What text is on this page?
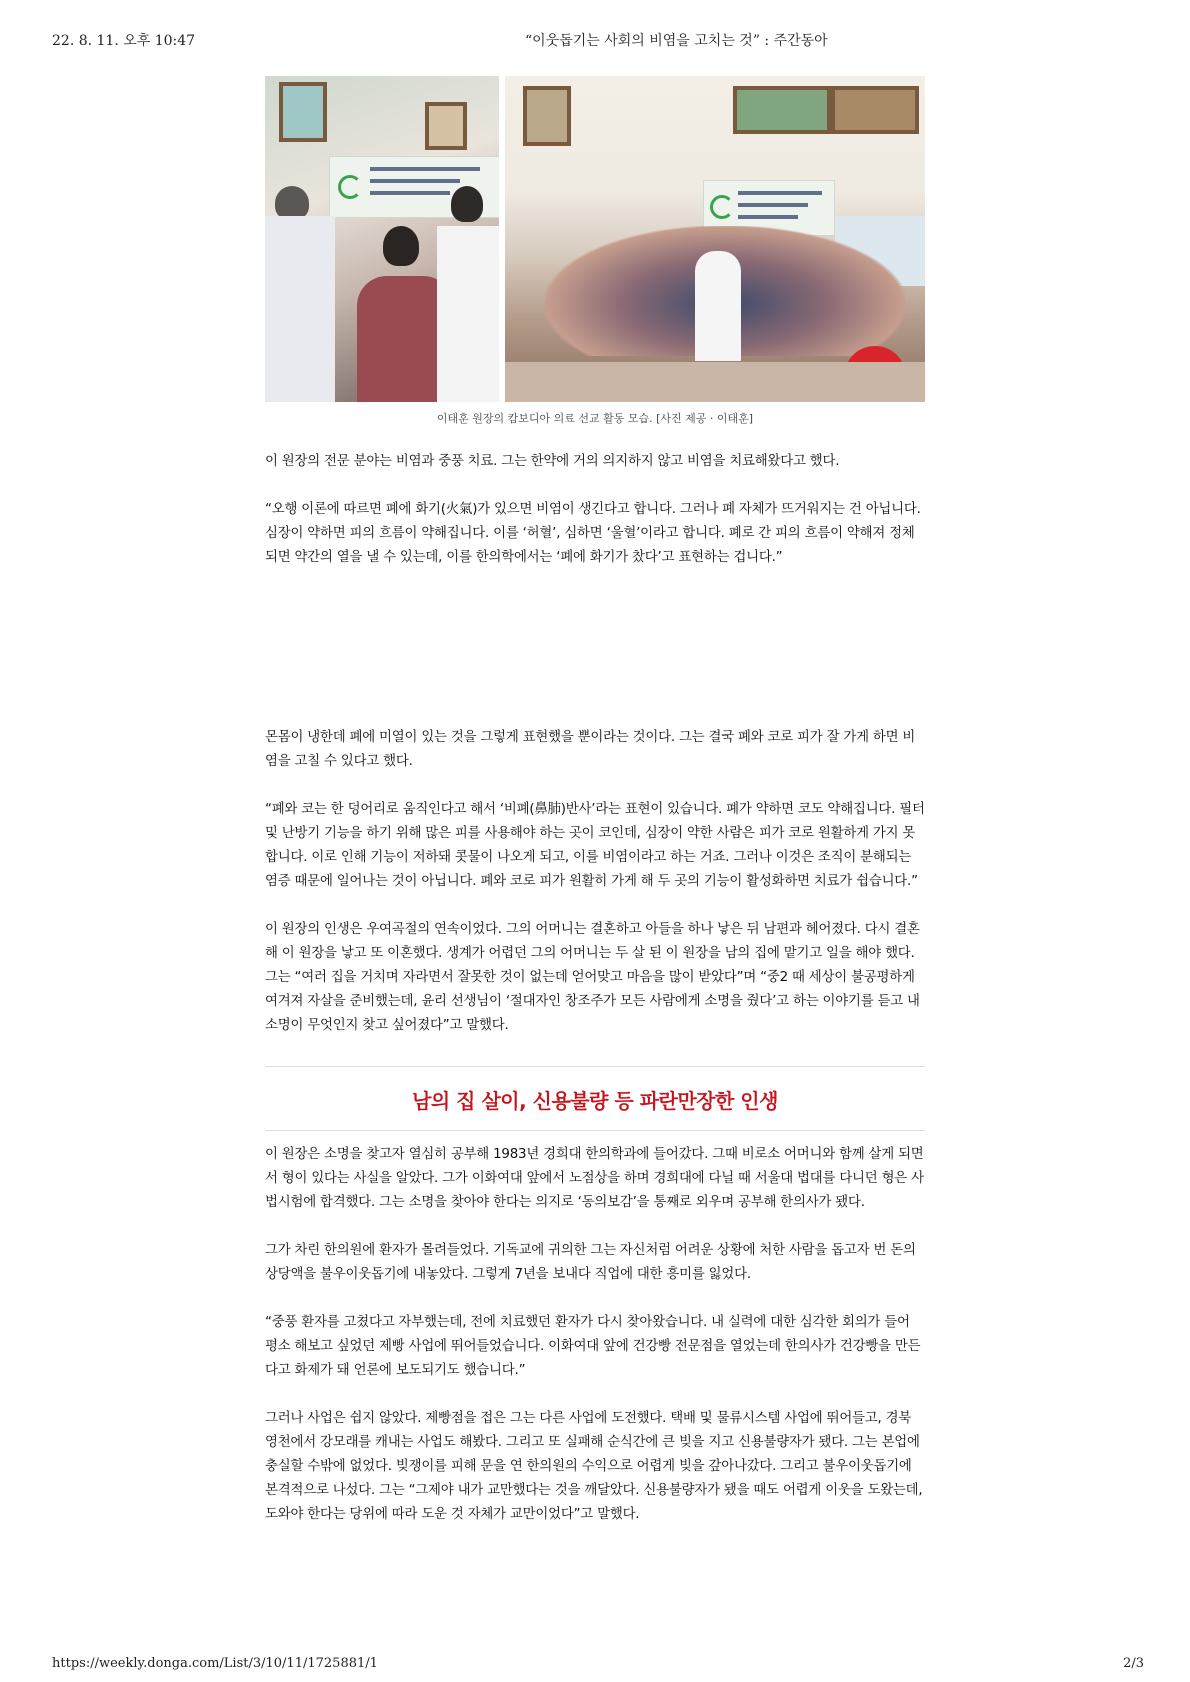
22. 8. 11. 오후 10:47	“이웃돕기는 사회의 비염을 고치는 것” : 주간동아
이태훈 원장의 캄보디아 의료 선교 활동 모습. [사진 제공 · 이태훈]

이 원장의 전문 분야는 비염과 중풍 치료. 그는 한약에 거의 의지하지 않고 비염을 치료해왔다고 했다.

“오행 이론에 따르면 폐에 화기(火氣)가 있으면 비염이 생긴다고 합니다. 그러나 폐 자체가 뜨거워지는 건 아닙니다. 심장이 약하면 피의 흐름이 약해집니다. 이를 ‘허혈’, 심하면 ‘울혈’이라고 합니다. 폐로 간 피의 흐름이 약해져 정체되면 약간의 열을 낼 수 있는데, 이를 한의학에서는 ‘폐에 화기가 찼다’고 표현하는 겁니다.”

몬몸이 냉한데 폐에 미열이 있는 것을 그렇게 표현했을 뿐이라는 것이다. 그는 결국 폐와 코로 피가 잘 가게 하면 비염을 고칠 수 있다고 했다.

“폐와 코는 한 덩어리로 움직인다고 해서 ‘비폐(鼻肺)반사’라는 표현이 있습니다. 폐가 약하면 코도 약해집니다. 필터 및 난방기 기능을 하기 위해 많은 피를 사용해야 하는 곳이 코인데, 심장이 약한 사람은 피가 코로 원활하게 가지 못합니다. 이로 인해 기능이 저하돼 콧물이 나오게 되고, 이를 비염이라고 하는 거죠. 그러나 이것은 조직이 분해되는 염증 때문에 일어나는 것이 아닙니다. 폐와 코로 피가 원활히 가게 해 두 곳의 기능이 활성화하면 치료가 쉽습니다.”

이 원장의 인생은 우여곡절의 연속이었다. 그의 어머니는 결혼하고 아들을 하나 낳은 뒤 남편과 헤어졌다. 다시 결혼해 이 원장을 낳고 또 이혼했다. 생계가 어렵던 그의 어머니는 두 살 된 이 원장을 남의 집에 맡기고 일을 해야 했다. 그는 “여러 집을 거치며 자라면서 잘못한 것이 없는데 얻어맞고 마음을 많이 받았다”며 “중2 때 세상이 불공평하게 여겨져 자살을 준비했는데, 윤리 선생님이 ‘절대자인 창조주가 모든 사람에게 소명을 줬다’고 하는 이야기를 듣고 내 소명이 무엇인지 찾고 싶어졌다”고 말했다.

남의 집 살이, 신용불량 등 파란만장한 인생

이 원장은 소명을 찾고자 열심히 공부해 1983년 경희대 한의학과에 들어갔다. 그때 비로소 어머니와 함께 살게 되면서 형이 있다는 사실을 알았다. 그가 이화여대 앞에서 노점상을 하며 경희대에 다닐 때 서울대 법대를 다니던 형은 사법시험에 합격했다. 그는 소명을 찾아야 한다는 의지로 ‘동의보감’을 통째로 외우며 공부해 한의사가 됐다.

그가 차린 한의원에 환자가 몰려들었다. 기독교에 귀의한 그는 자신처럼 어려운 상황에 처한 사람을 돕고자 번 돈의 상당액을 불우이웃돕기에 내놓았다. 그렇게 7년을 보내다 직업에 대한 흥미를 잃었다.

“중풍 환자를 고쳤다고 자부했는데, 전에 치료했던 환자가 다시 찾아왔습니다. 내 실력에 대한 심각한 회의가 들어 평소 해보고 싶었던 제빵 사업에 뛰어들었습니다. 이화여대 앞에 건강빵 전문점을 열었는데 한의사가 건강빵을 만든다고 화제가 돼 언론에 보도되기도 했습니다.”

그러나 사업은 쉽지 않았다. 제빵점을 접은 그는 다른 사업에 도전했다. 택배 및 물류시스템 사업에 뛰어들고, 경북 영천에서 강모래를 캐내는 사업도 해봤다. 그리고 또 실패해 순식간에 큰 빚을 지고 신용불량자가 됐다. 그는 본업에 충실할 수밖에 없었다. 빚쟁이를 피해 문을 연 한의원의 수익으로 어렵게 빚을 갚아나갔다. 그리고 불우이웃돕기에 본격적으로 나섰다. 그는 “그제야 내가 교만했다는 것을 깨달았다. 신용불량자가 됐을 때도 어렵게 이웃을 도왔는데, 도와야 한다는 당위에 따라 도운 것 자체가 교만이었다”고 말했다.

https://weekly.donga.com/List/3/10/11/1725881/1	2/3
